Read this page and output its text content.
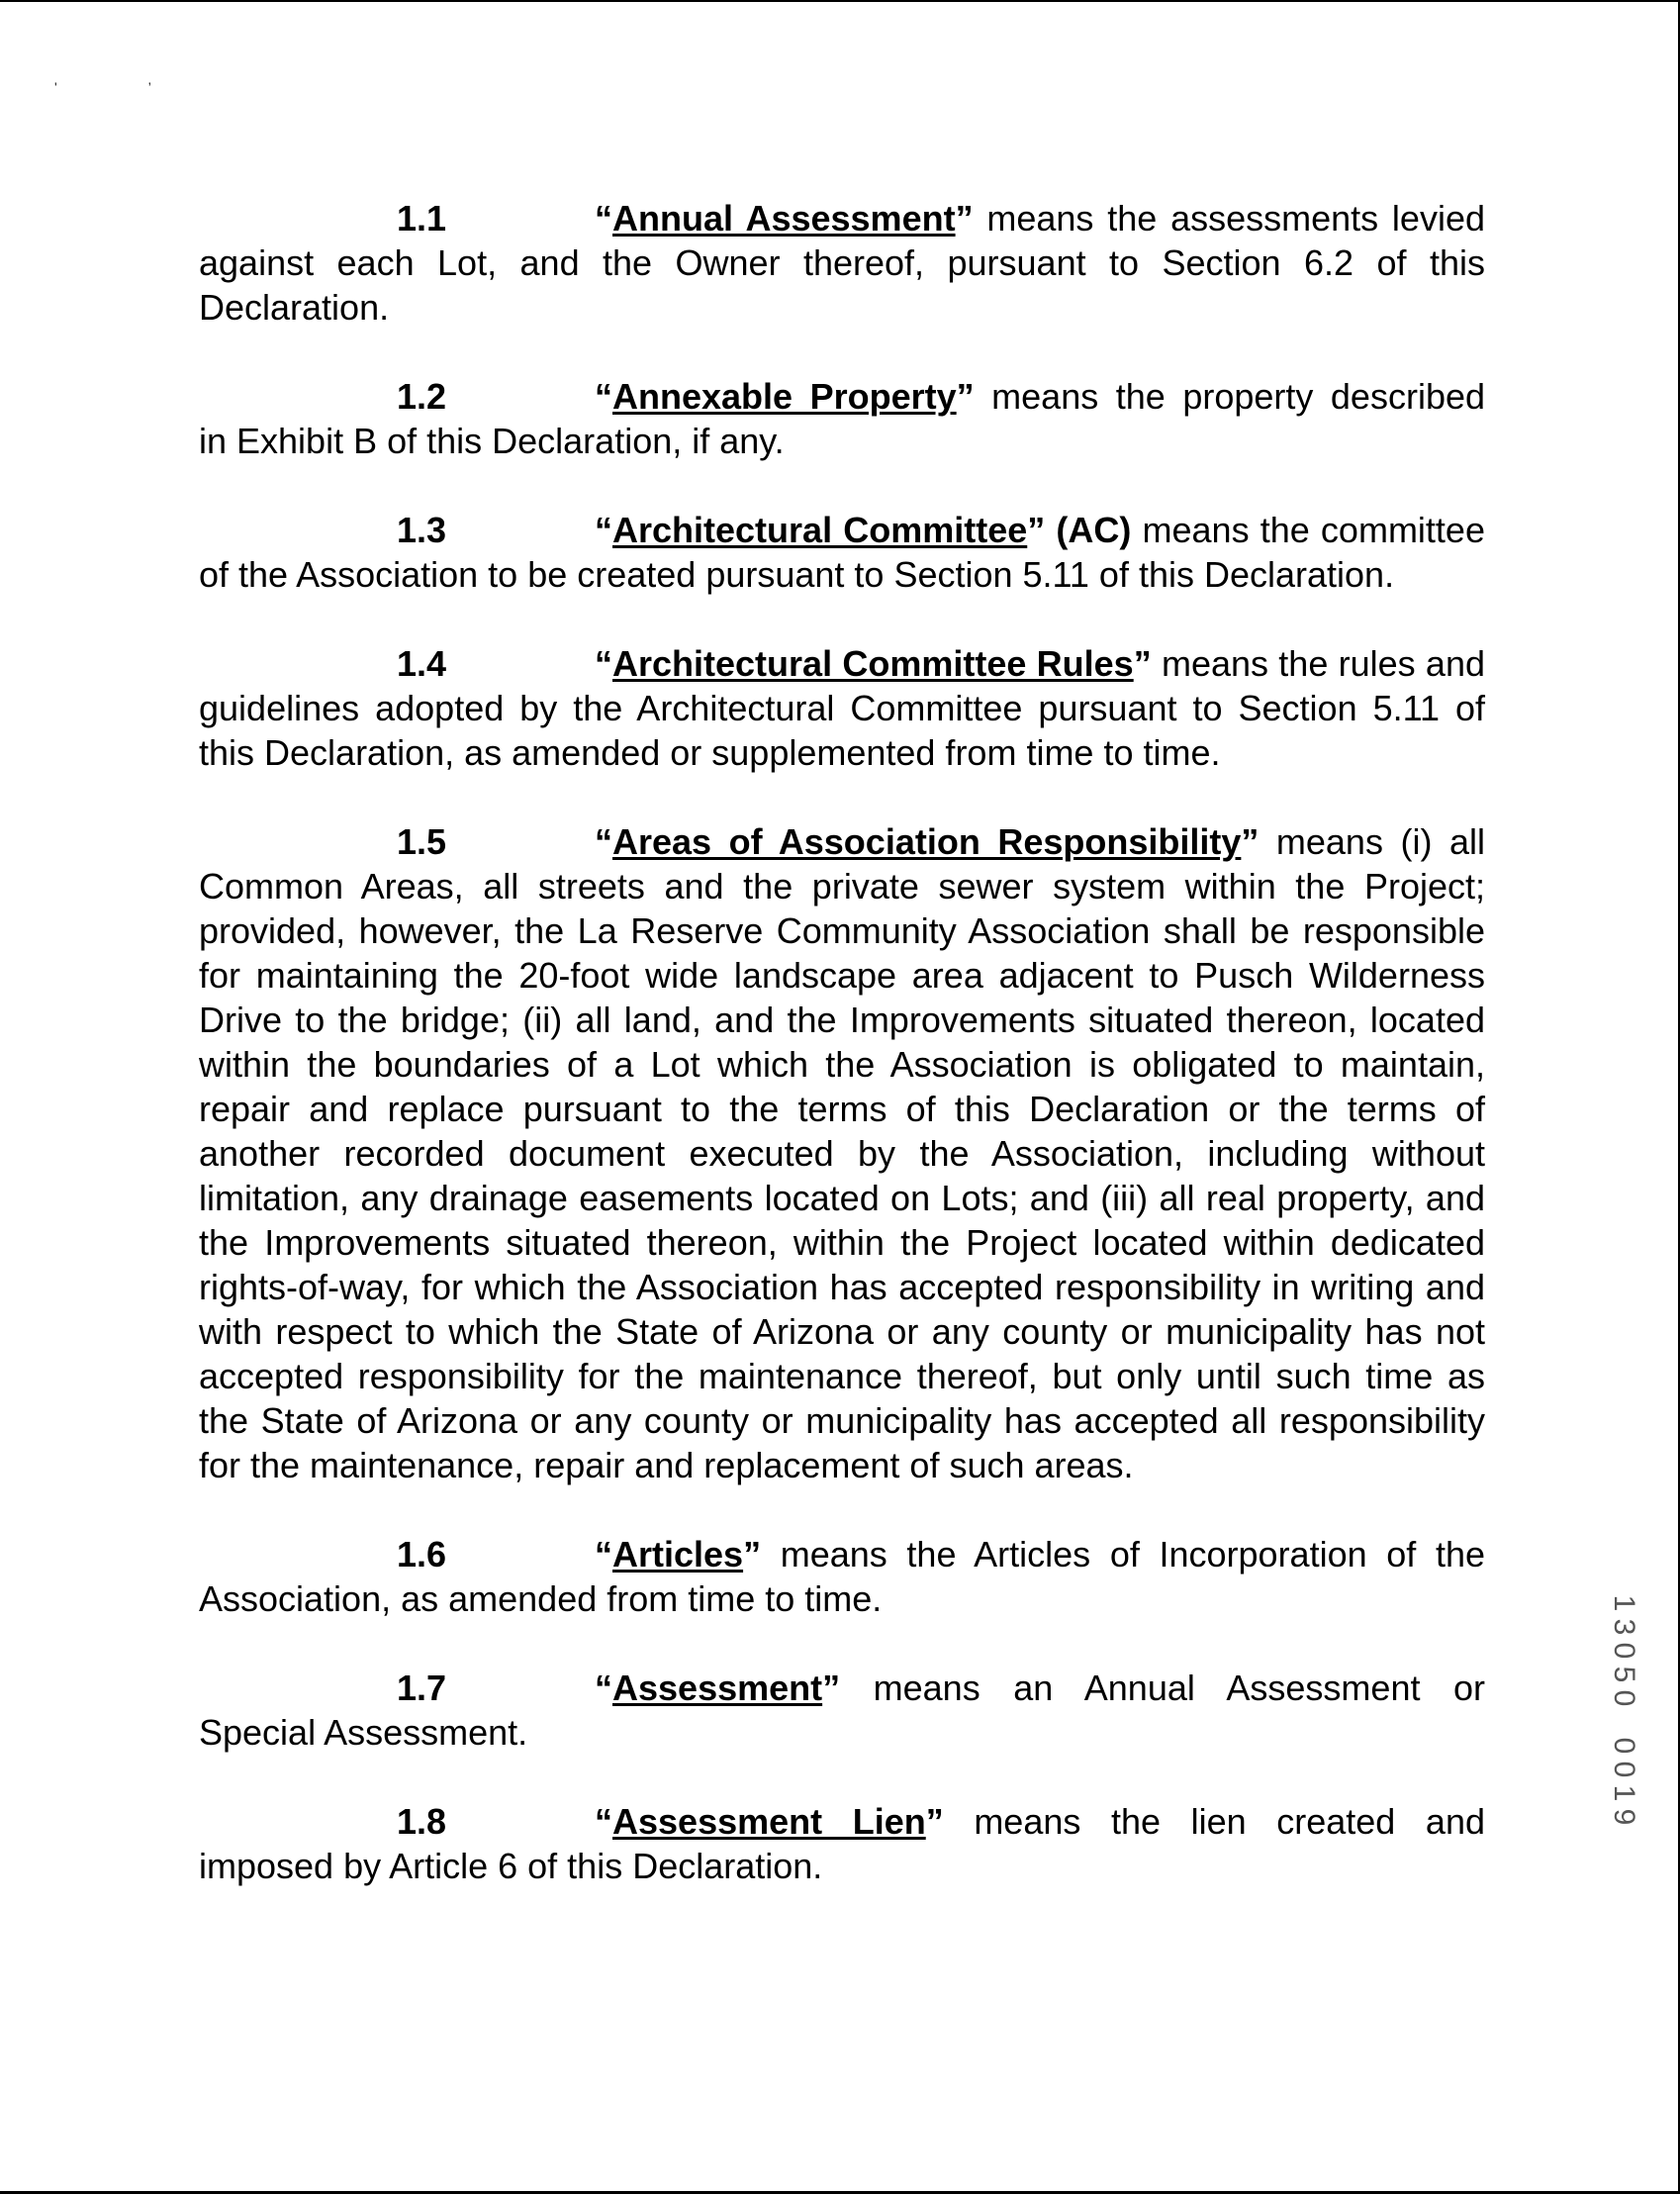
'	’

1.1	“Annual Assessment” means the assessments levied against each Lot, and the Owner thereof, pursuant to Section 6.2 of this Declaration.

1.2	“Annexable Property” means the property described in Exhibit B of this Declaration, if any.

1.3	“Architectural Committee” (AC) means the committee of the Association to be created pursuant to Section 5.11 of this Declaration.

1.4	“Architectural Committee Rules” means the rules and guidelines adopted by the Architectural Committee pursuant to Section 5.11 of this Declaration, as amended or supplemented from time to time.

1.5	“Areas of Association Responsibility” means (i) all Common Areas, all streets and the private sewer system within the Project; provided, however, the La Reserve Community Association shall be responsible for maintaining the 20-foot wide landscape area adjacent to Pusch Wilderness Drive to the bridge; (ii) all land, and the Improvements situated thereon, located within the boundaries of a Lot which the Association is obligated to maintain, repair and replace pursuant to the terms of this Declaration or the terms of another recorded document executed by the Association, including without limitation, any drainage easements located on Lots; and (iii) all real property, and the Improvements situated thereon, within the Project located within dedicated rights-of-way, for which the Association has accepted responsibility in writing and with respect to which the State of Arizona or any county or municipality has not accepted responsibility for the maintenance thereof, but only until such time as the State of Arizona or any county or municipality has accepted all responsibility for the maintenance, repair and replacement of such areas.

1.6	“Articles” means the Articles of Incorporation of the Association, as amended from time to time.

1.7	“Assessment” means an Annual Assessment or Special Assessment.

1.8	“Assessment Lien” means the lien created and imposed by Article 6 of this Declaration.

1
3
0
5
0

0
0
1
9
